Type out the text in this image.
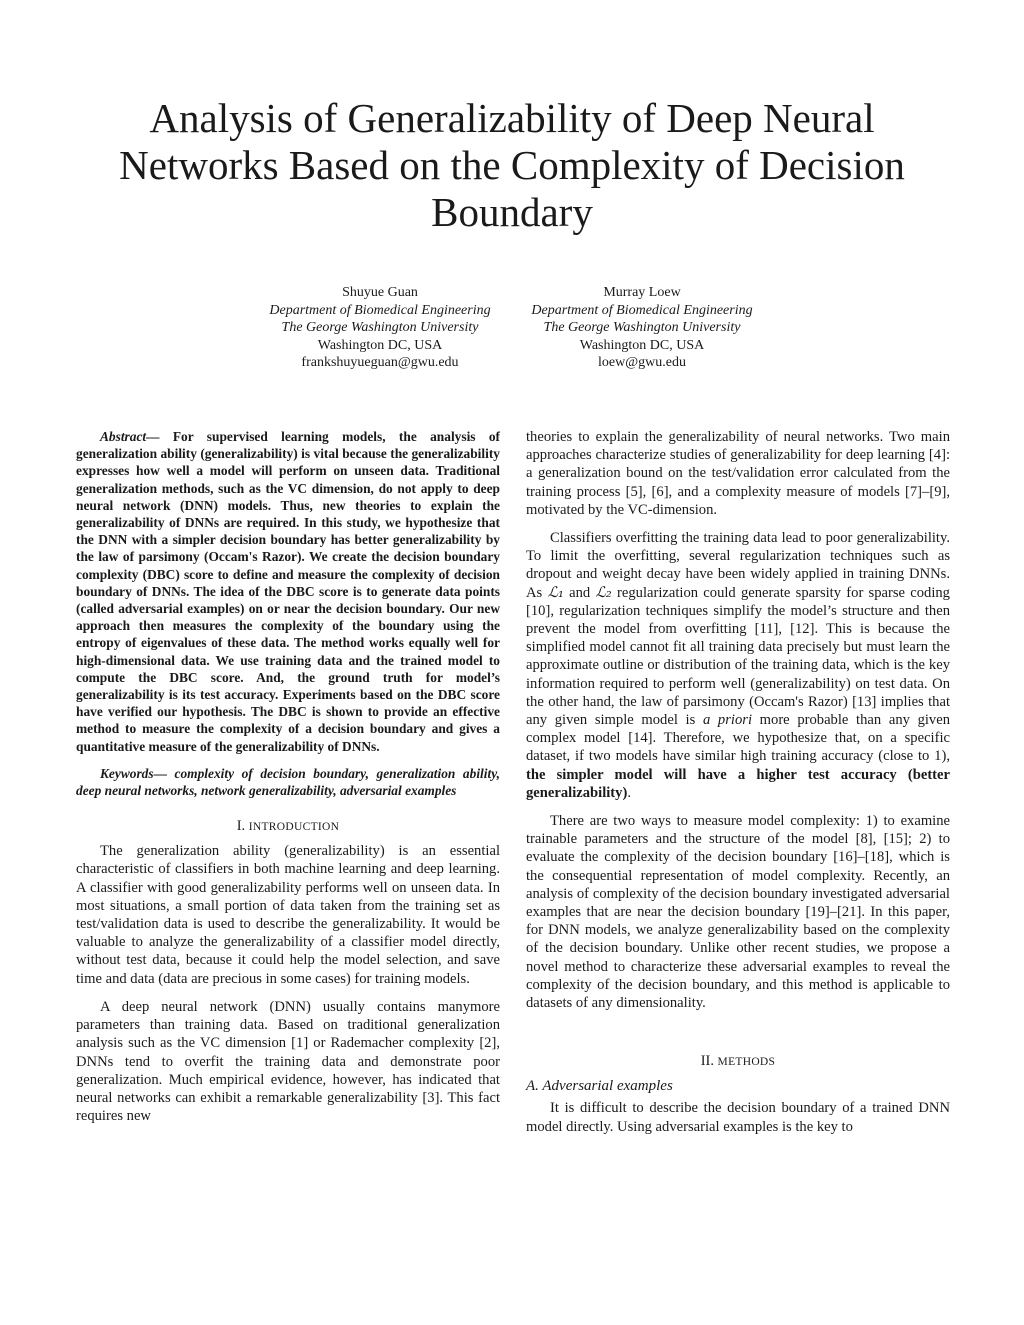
Analysis of Generalizability of Deep Neural Networks Based on the Complexity of Decision Boundary
Shuyue Guan
Department of Biomedical Engineering
The George Washington University
Washington DC, USA
frankshuyueguan@gwu.edu
Murray Loew
Department of Biomedical Engineering
The George Washington University
Washington DC, USA
loew@gwu.edu

Abstract— For supervised learning models, the analysis of generalization ability (generalizability) is vital because the generalizability expresses how well a model will perform on unseen data. Traditional generalization methods, such as the VC dimension, do not apply to deep neural network (DNN) models. Thus, new theories to explain the generalizability of DNNs are required. In this study, we hypothesize that the DNN with a simpler decision boundary has better generalizability by the law of parsimony (Occam's Razor). We create the decision boundary complexity (DBC) score to define and measure the complexity of decision boundary of DNNs. The idea of the DBC score is to generate data points (called adversarial examples) on or near the decision boundary. Our new approach then measures the complexity of the boundary using the entropy of eigenvalues of these data. The method works equally well for high-dimensional data. We use training data and the trained model to compute the DBC score. And, the ground truth for model’s generalizability is its test accuracy. Experiments based on the DBC score have verified our hypothesis. The DBC is shown to provide an effective method to measure the complexity of a decision boundary and gives a quantitative measure of the generalizability of DNNs.

Keywords— complexity of decision boundary, generalization ability, deep neural networks, network generalizability, adversarial examples

I. INTRODUCTION

The generalization ability (generalizability) is an essential characteristic of classifiers in both machine learning and deep learning. A classifier with good generalizability performs well on unseen data. In most situations, a small portion of data taken from the training set as test/validation data is used to describe the generalizability. It would be valuable to analyze the generalizability of a classifier model directly, without test data, because it could help the model selection, and save time and data (data are precious in some cases) for training models.

A deep neural network (DNN) usually contains manymore parameters than training data. Based on traditional generalization analysis such as the VC dimension [1] or Rademacher complexity [2], DNNs tend to overfit the training data and demonstrate poor generalization. Much empirical evidence, however, has indicated that neural networks can exhibit a remarkable generalizability [3]. This fact requires new

theories to explain the generalizability of neural networks. Two main approaches characterize studies of generalizability for deep learning [4]: a generalization bound on the test/validation error calculated from the training process [5], [6], and a complexity measure of models [7]–[9], motivated by the VC-dimension.

Classifiers overfitting the training data lead to poor generalizability. To limit the overfitting, several regularization techniques such as dropout and weight decay have been widely applied in training DNNs. As ℒ₁ and ℒ₂ regularization could generate sparsity for sparse coding [10], regularization techniques simplify the model’s structure and then prevent the model from overfitting [11], [12]. This is because the simplified model cannot fit all training data precisely but must learn the approximate outline or distribution of the training data, which is the key information required to perform well (generalizability) on test data. On the other hand, the law of parsimony (Occam's Razor) [13] implies that any given simple model is a priori more probable than any given complex model [14]. Therefore, we hypothesize that, on a specific dataset, if two models have similar high training accuracy (close to 1), the simpler model will have a higher test accuracy (better generalizability).

There are two ways to measure model complexity: 1) to examine trainable parameters and the structure of the model [8], [15]; 2) to evaluate the complexity of the decision boundary [16]–[18], which is the consequential representation of model complexity. Recently, an analysis of complexity of the decision boundary investigated adversarial examples that are near the decision boundary [19]–[21]. In this paper, for DNN models, we analyze generalizability based on the complexity of the decision boundary. Unlike other recent studies, we propose a novel method to characterize these adversarial examples to reveal the complexity of the decision boundary, and this method is applicable to datasets of any dimensionality.

II. METHODS
A. Adversarial examples

It is difficult to describe the decision boundary of a trained DNN model directly. Using adversarial examples is the key to
